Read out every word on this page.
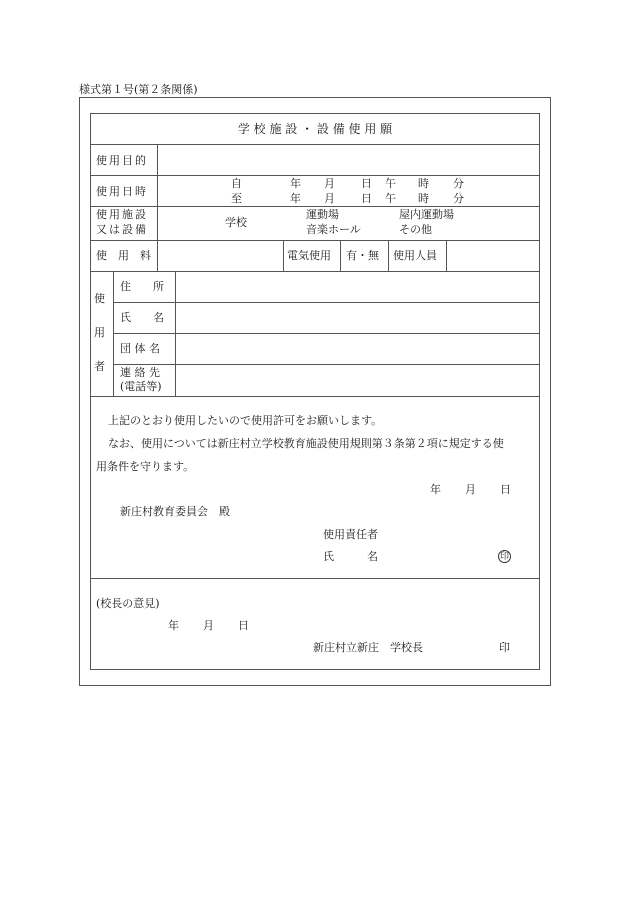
様式第１号(第２条関係)
学 校 施 設 ・ 設 備 使 用 願
使用目的
使用日時
自	年 月 日 午 時 分
至	年 月 日 午 時 分
使用施設
又は設備
学校
運動場	屋内運動場
音楽ホール	その他
使　用　料	電気使用 有・無 使用人員
使
用
者
住　　所
氏　　名
団 体 名
連 絡 先
(電話等)
上記のとおり使用したいので使用許可をお願いします。
なお、使用については新庄村立学校教育施設使用規則第３条第２項に規定する使
用条件を守ります。
年 月 日
新庄村教育委員会　殿
使用責任者
氏　　　名	印
(校長の意見)
年 月 日
新庄村立新庄　学校長	印
